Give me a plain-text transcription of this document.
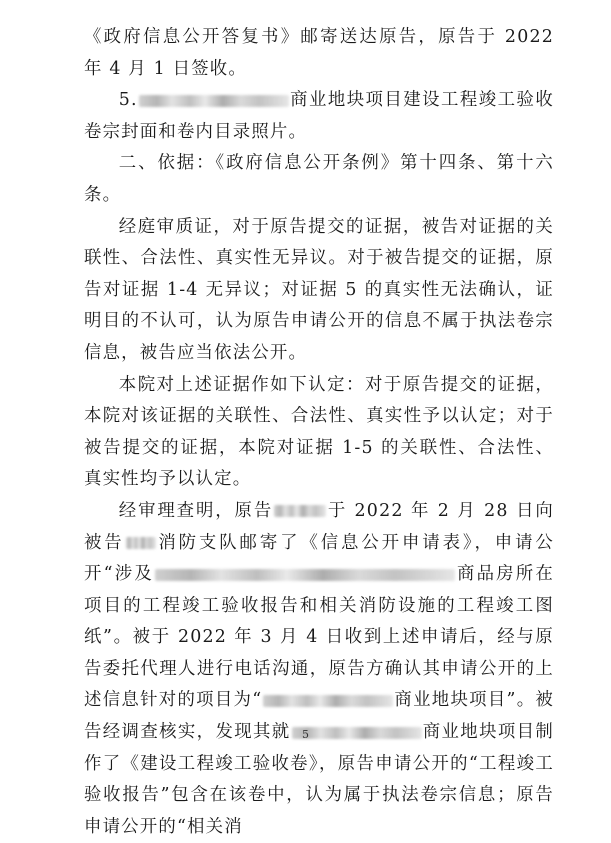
《政府信息公开答复书》邮寄送达原告，原告于 2022 年 4 月 1 日签收。

5.	商业地块项目建设工程竣工验收卷宗封面和卷内目录照片。

二、依据：《政府信息公开条例》第十四条、第十六条。

经庭审质证，对于原告提交的证据，被告对证据的关联性、合法性、真实性无异议。对于被告提交的证据，原告对证据 1-4 无异议；对证据 5 的真实性无法确认，证明目的不认可，认为原告申请公开的信息不属于执法卷宗信息，被告应当依法公开。

本院对上述证据作如下认定：对于原告提交的证据，本院对该证据的关联性、合法性、真实性予以认定；对于被告提交的证据，本院对证据 1-5 的关联性、合法性、真实性均予以认定。

经审理查明，原告	于 2022 年 2 月 28 日向被告 消防支队邮寄了《信息公开申请表》，申请公开“涉及	商品房所在项目的工程竣工验收报告和相关消防设施的工程竣工图纸”。被于 2022 年 3 月 4 日收到上述申请后，经与原告委托代理人进行电话沟通，原告方确认其申请公开的上述信息针对的项目为“	商业地块项目”。被告经调查核实，发现其就	商业地块项目制作了《建设工程竣工验收卷》，原告申请公开的“工程竣工验收报告”包含在该卷中，认为属于执法卷宗信息；原告申请公开的“相关消

5
